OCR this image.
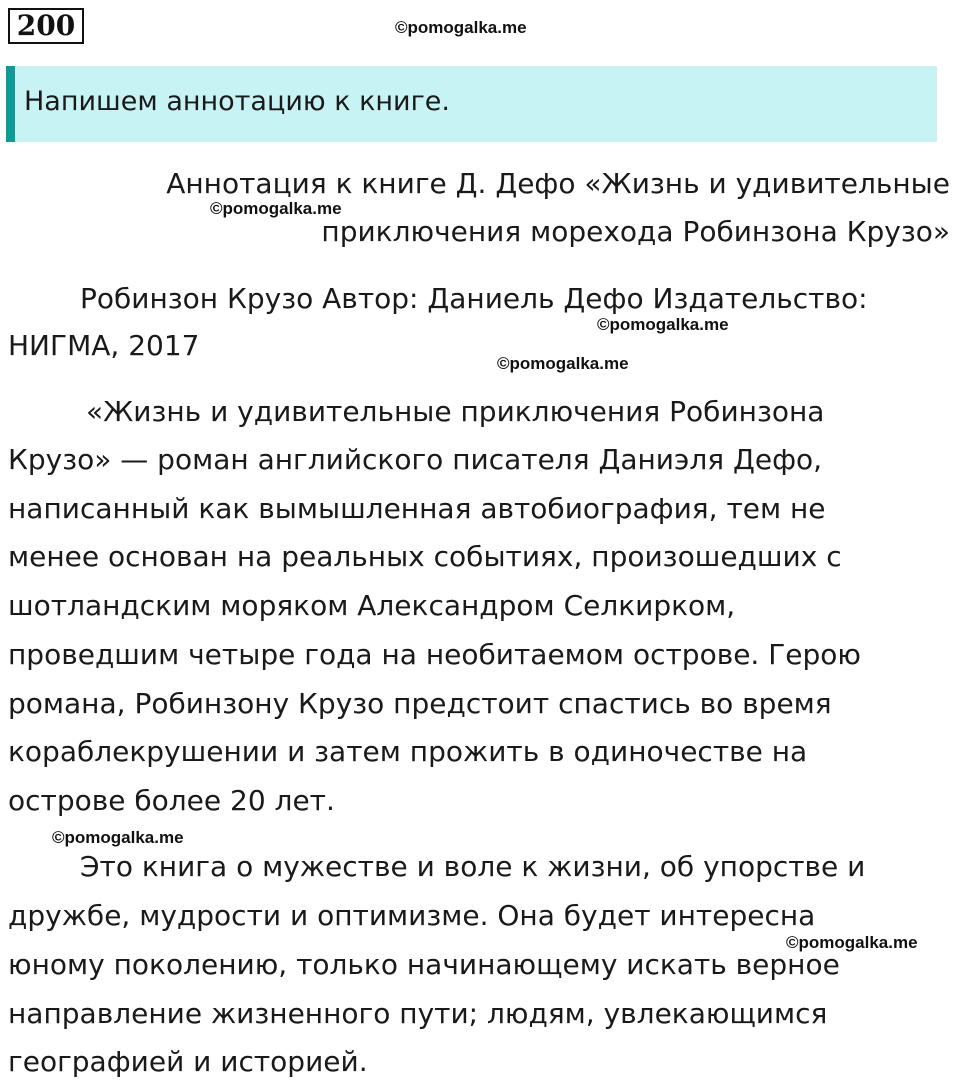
200	©pomogalka.me
Напишем аннотацию к книге.
Аннотация к книге Д. Дефо «Жизнь и удивительные
©pomogalka.me
приключения морехода Робинзона Крузо»
Робинзон Крузо Автор: Даниель Дефо Издательство:
©pomogalka.me
НИГМА, 2017
©pomogalka.me
«Жизнь и удивительные приключения Робинзона
Крузо» — роман английского писателя Даниэля Дефо,
написанный как вымышленная автобиография, тем не
менее основан на реальных событиях, произошедших с
шотландским моряком Александром Селкирком,
проведшим четыре года на необитаемом острове. Герою
романа, Робинзону Крузо предстоит спастись во время
кораблекрушении и затем прожить в одиночестве на
острове более 20 лет.
©pomogalka.me
Это книга о мужестве и воле к жизни, об упорстве и
дружбе, мудрости и оптимизме. Она будет интересна
юному поколению, только начинающему искать верное
направление жизненного пути; людям, увлекающимся
географией и историей.
©pomogalka.me
